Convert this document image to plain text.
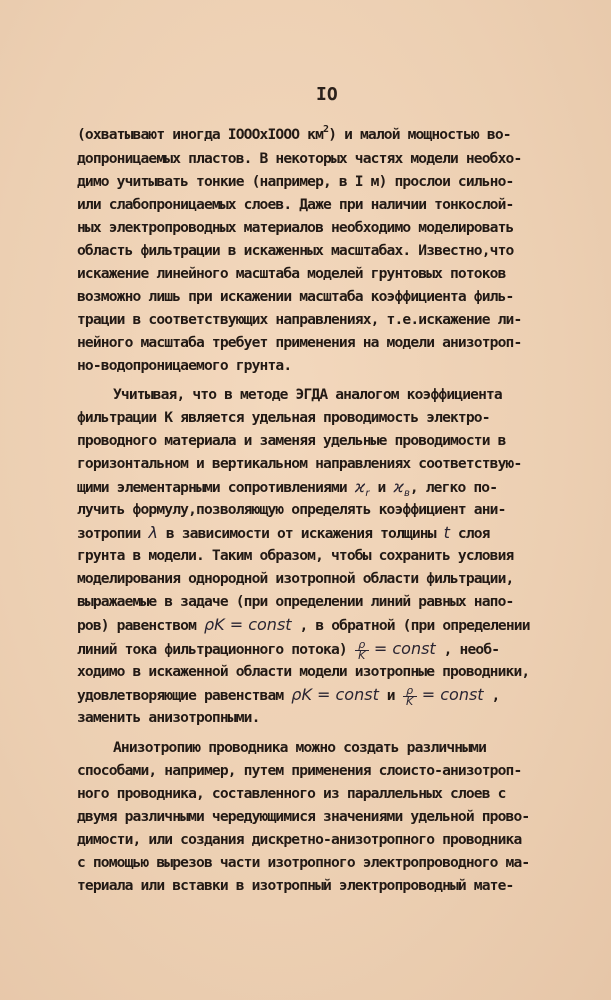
IO
(охватывают иногда IOOOxIOOO $км^2$) и малой мощностью во-
допроницаемых пластов. В некоторых частях модели необхо-
димо учитывать тонкие (например, в I м) прослои сильно-
или слабопроницаемых слоев. Даже при наличии тонкослой-
ных электропроводных материалов необходимо моделировать
область фильтрации в искаженных масштабах. Известно,что
искажение линейного масштаба моделей грунтовых потоков
возможно лишь при искажении масштаба коэффициента филь-
трации в соответствующих направлениях, т.е.искажение ли-
нейного масштаба требует применения на модели анизотроп-
но-водопроницаемого грунта.
Учитывая, что в методе ЭГДА аналогом коэффициента
фильтрации К является удельная проводимость электро-
проводного материала и заменяя удельные проводимости в
горизонтальном и вертикальном направлениях соответствую-
щими элементарными сопротивлениями $ϰ_r$ и $ϰ_в$, легко по-
лучить формулу,позволяющую определять коэффициент ани-
зотропии λ в зависимости от искажения толщины t слоя
грунта в модели. Таким образом, чтобы сохранить условия
моделирования однородной изотропной области фильтрации,
выражаемые в задаче (при определении линий равных напо-
ров) равенством ρK = const , в обратной (при определении
линий тока фильтрационного потока) $\frac{\rho}{K}$ = const , необ-
ходимо в искаженной области модели изотропные проводники,
удовлетворяющие равенствам ρK = const и $\frac{\rho}{K}$ = const ,
заменить анизотропными.
Анизотропию проводника можно создать различными
способами, например, путем применения слоисто-анизотроп-
ного проводника, составленного из параллельных слоев с
двумя различными чередующимися значениями удельной прово-
димости, или создания дискретно-анизотропного проводника
с помощью вырезов части изотропного электропроводного ма-
териала или вставки в изотропный электропроводный мате-
